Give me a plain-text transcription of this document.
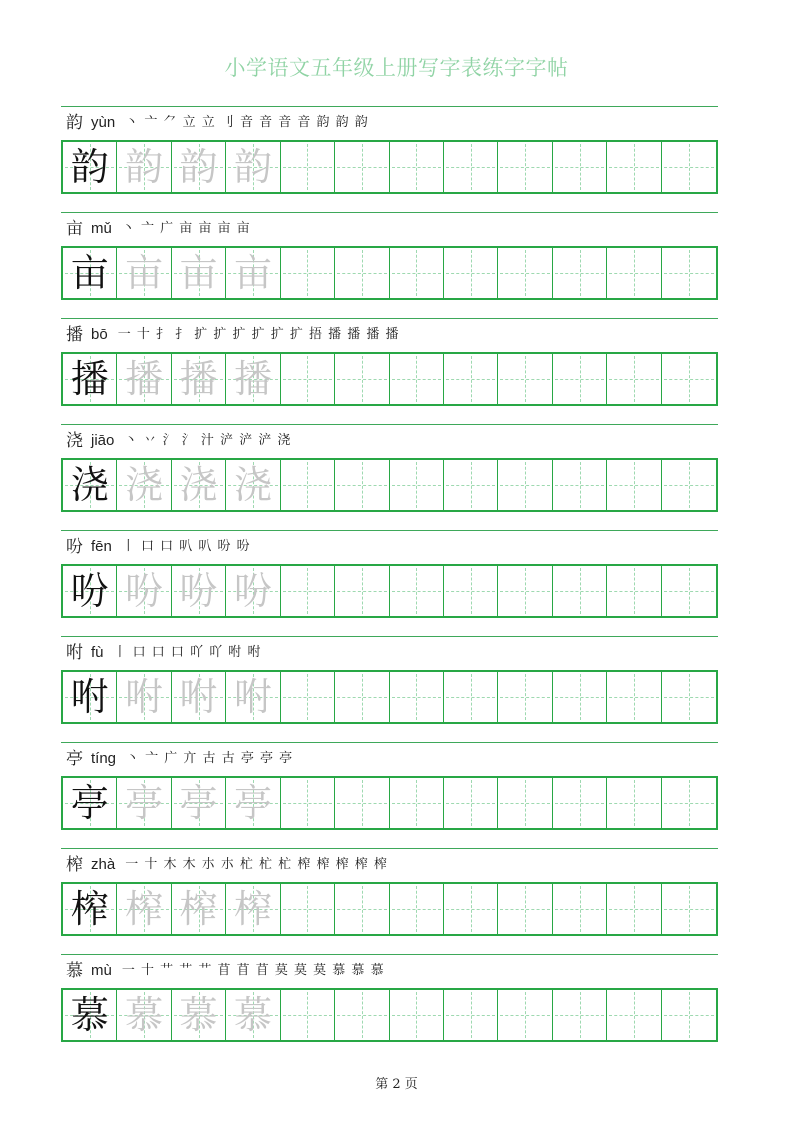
小学语文五年级上册写字表练字字帖
韵 yùn 丶 亠 ⺈ 立 立 ⺉ 音 音 音 音 韵 韵 韵
韵 韵 韵 韵
亩 mǔ 丶 亠 广 亩 亩 亩 亩
亩 亩 亩 亩
播 bō 一 十 扌 扌 扩 扩 扩 扩 扩 扩 捂 播 播 播 播
播 播 播 播
浇 jiāo 丶 丷 氵 氵 汁 浐 浐 浐 浇
浇 浇 浇 浇
吩 fēn 丨 口 口 叭 叭 吩 吩
吩 吩 吩 吩
咐 fù 丨 口 口 口 吖 吖 咐 咐
咐 咐 咐 咐
亭 tíng 丶 亠 广 亣 古 古 亭 亭 亭
亭 亭 亭 亭
榨 zhà 一 十 木 木 朩 朩 杧 杧 杧 榨 榨 榨 榨 榨
榨 榨 榨 榨
慕 mù 一 十 艹 艹 艹 苜 苜 苜 莫 莫 莫 慕 慕 慕
慕 慕 慕 慕
第 2 页
